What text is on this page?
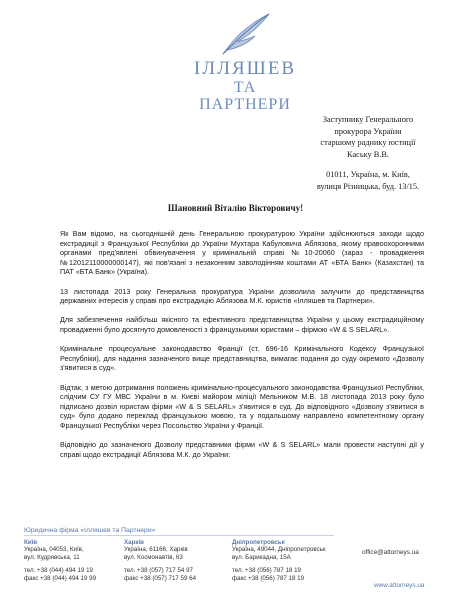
ІЛЛЯШЕВ
ТА ПАРТНЕРИ
Заступнику Генерального
прокурора України
старшому раднику юстиції
Каську В.В.
01011, Україна, м. Київ,
вулиця Різницька, буд. 13/15.
Шановний Віталію Вікторовичу!

Як Вам відомо, на сьогоднішній день Генеральною прокуратурою України здійснюються заходи щодо екстрадиції з Французької Республіки до України Мухтара Кабуловича Аблязова, якому правоохоронними органами пред'явлені обвинувачення у кримінальній справі №10-20060 (зараз - провадження №12012110000000147), які пов'язані з незаконним заволодінням коштами АТ «БТА Банк» (Казахстан) та ПАТ «БТА Банк» (Україна).

13 листопада 2013 року Генеральна прокуратура України дозволила залучити до представництва державних інтересів у справі про екстрадицію Аблязова М.К. юристів «Ілляшев та Партнери».

Для забезпечення найбільш якісного та ефективного представництва України у цьому екстрадиційному провадженні було досягнуто домовленості з французькими юристами – фірмою «W & S SELARL».

Кримінальне процесуальне законодавство Франції (ст. 696-16 Кримінального Кодексу Французької Республіки), для надання зазначеного вище представництва, вимагає подання до суду окремого «Дозволу з'явитися в суд».

Відтак, з метою дотримання положень кримінально-процесуального законодавства Французької Республіки, слідчим СУ ГУ МВС України в м. Києві майором міліції Мельником М.В. 18 листопада 2013 року було підписано дозвіл юристам фірми «W & S SELARL» з'явитися в суд. До відповідного «Дозволу з'явитися в суд» було додано переклад французькою мовою, та у подальшому направлено компетентному органу Французької Республіки через Посольство України у Франції.

Відповідно до зазначеного Дозволу представники фірми «W & S SELARL» мали провести наступні дії у справі щодо екстрадиції Аблязова М.К. до України:

Юридична фірма «Ілляшев та Партнери»
Київ
Україна, 04053, Київ,
вул. Кудрявська, 11
тел. +38 (044) 494 19 19
факс +38 (044) 494 19 99
Харків
Україна, 61166, Харків
вул. Космонавтів, 63
тел. +38 (057) 717 54 97
факс +38 (057) 717 59 64
Дніпропетровськ
Україна, 49044, Дніпропетровськ
вул. Барикадна, 15А
тел. +38 (056) 787 18 19
факс +38 (056) 787 18 19
office@attorneys.ua
www.attorneys.ua
